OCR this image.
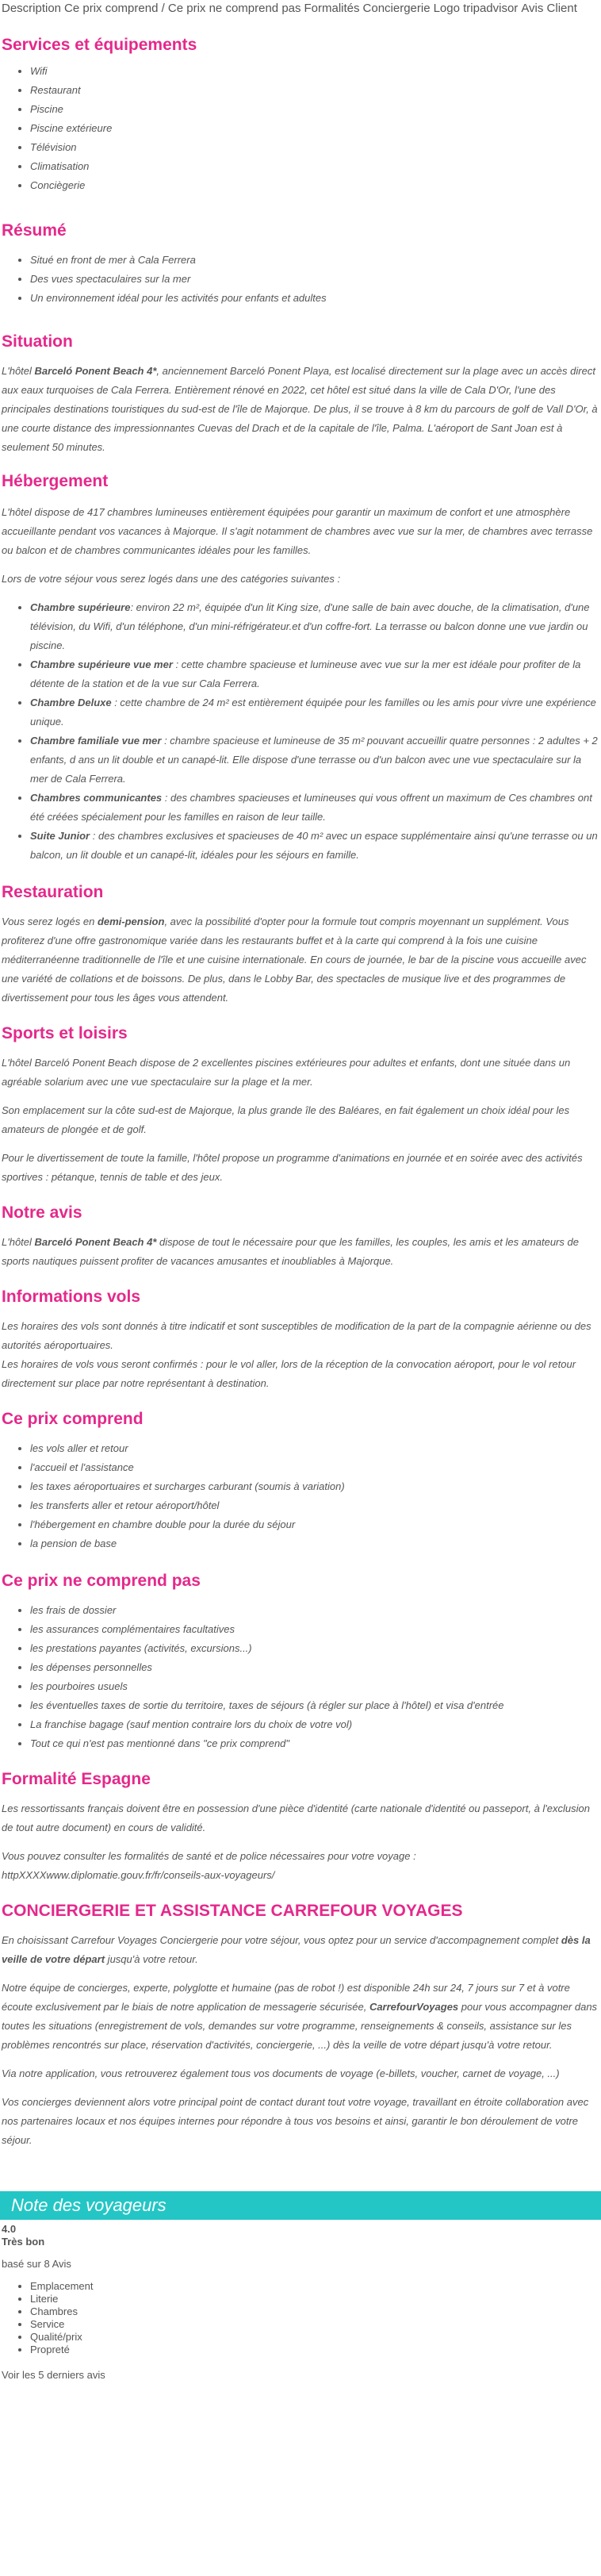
Description Ce prix comprend / Ce prix ne comprend pas Formalités Conciergerie Logo tripadvisor Avis Client
Services et équipements
• Wifi
• Restaurant
• Piscine
• Piscine extérieure
• Télévision
• Climatisation
• Conciègerie
Résumé
• Situé en front de mer à Cala Ferrera
• Des vues spectaculaires sur la mer
• Un environnement idéal pour les activités pour enfants et adultes
Situation

L'hôtel Barceló Ponent Beach 4*, anciennement Barceló Ponent Playa, est localisé directement sur la plage avec un accès direct aux eaux turquoises de Cala Ferrera. Entièrement rénové en 2022, cet hôtel est situé dans la ville de Cala D'Or, l'une des principales destinations touristiques du sud-est de l'île de Majorque. De plus, il se trouve à 8 km du parcours de golf de Vall D'Or, à une courte distance des impressionnantes Cuevas del Drach et de la capitale de l'île, Palma. L'aéroport de Sant Joan est à seulement 50 minutes.

Hébergement

L'hôtel dispose de 417 chambres lumineuses entièrement équipées pour garantir un maximum de confort et une atmosphère accueillante pendant vos vacances à Majorque. Il s'agit notamment de chambres avec vue sur la mer, de chambres avec terrasse ou balcon et de chambres communicantes idéales pour les familles.

Lors de votre séjour vous serez logés dans une des catégories suivantes :

• Chambre supérieure: environ 22 m², équipée d'un lit King size, d'une salle de bain avec douche, de la climatisation, d'une télévision, du Wifi, d'un téléphone, d'un mini-réfrigérateur.et d'un coffre-fort. La terrasse ou balcon donne une vue jardin ou piscine.
• Chambre supérieure vue mer : cette chambre spacieuse et lumineuse avec vue sur la mer est idéale pour profiter de la détente de la station et de la vue sur Cala Ferrera.
• Chambre Deluxe : cette chambre de 24 m² est entièrement équipée pour les familles ou les amis pour vivre une expérience unique.
• Chambre familiale vue mer : chambre spacieuse et lumineuse de 35 m² pouvant accueillir quatre personnes : 2 adultes + 2 enfants, d ans un lit double et un canapé-lit. Elle dispose d'une terrasse ou d'un balcon avec une vue spectaculaire sur la mer de Cala Ferrera.
• Chambres communicantes : des chambres spacieuses et lumineuses qui vous offrent un maximum de Ces chambres ont été créées spécialement pour les familles en raison de leur taille.
• Suite Junior : des chambres exclusives et spacieuses de 40 m² avec un espace supplémentaire ainsi qu'une terrasse ou un balcon, un lit double et un canapé-lit, idéales pour les séjours en famille.
Restauration

Vous serez logés en demi-pension, avec la possibilité d'opter pour la formule tout compris moyennant un supplément. Vous profiterez d'une offre gastronomique variée dans les restaurants buffet et à la carte qui comprend à la fois une cuisine méditerranéenne traditionnelle de l'île et une cuisine internationale. En cours de journée, le bar de la piscine vous accueille avec une variété de collations et de boissons. De plus, dans le Lobby Bar, des spectacles de musique live et des programmes de divertissement pour tous les âges vous attendent.

Sports et loisirs

L'hôtel Barceló Ponent Beach dispose de 2 excellentes piscines extérieures pour adultes et enfants, dont une située dans un agréable solarium avec une vue spectaculaire sur la plage et la mer.

Son emplacement sur la côte sud-est de Majorque, la plus grande île des Baléares, en fait également un choix idéal pour les amateurs de plongée et de golf.

Pour le divertissement de toute la famille, l'hôtel propose un programme d'animations en journée et en soirée avec des activités sportives : pétanque, tennis de table et des jeux.

Notre avis

L'hôtel Barceló Ponent Beach 4* dispose de tout le nécessaire pour que les familles, les couples, les amis et les amateurs de sports nautiques puissent profiter de vacances amusantes et inoubliables à Majorque.

Informations vols

Les horaires des vols sont donnés à titre indicatif et sont susceptibles de modification de la part de la compagnie aérienne ou des autorités aéroportuaires.

Les horaires de vols vous seront confirmés : pour le vol aller, lors de la réception de la convocation aéroport, pour le vol retour directement sur place par notre représentant à destination.

Ce prix comprend
• les vols aller et retour
• l'accueil et l'assistance
• les taxes aéroportuaires et surcharges carburant (soumis à variation)
• les transferts aller et retour aéroport/hôtel
• l'hébergement en chambre double pour la durée du séjour
• la pension de base
Ce prix ne comprend pas
• les frais de dossier
• les assurances complémentaires facultatives
• les prestations payantes (activités, excursions...)
• les dépenses personnelles
• les pourboires usuels
• les éventuelles taxes de sortie du territoire, taxes de séjours (à régler sur place à l'hôtel) et visa d'entrée
• La franchise bagage (sauf mention contraire lors du choix de votre vol)
• Tout ce qui n'est pas mentionné dans "ce prix comprend"
Formalité Espagne

Les ressortissants français doivent être en possession d'une pièce d'identité (carte nationale d'identité ou passeport, à l'exclusion de tout autre document) en cours de validité.

Vous pouvez consulter les formalités de santé et de police nécessaires pour votre voyage : httpXXXXwww.diplomatie.gouv.fr/fr/conseils-aux-voyageurs/

CONCIERGERIE ET ASSISTANCE CARREFOUR VOYAGES

En choisissant Carrefour Voyages Conciergerie pour votre séjour, vous optez pour un service d'accompagnement complet dès la veille de votre départ jusqu'à votre retour.

Notre équipe de concierges, experte, polyglotte et humaine (pas de robot !) est disponible 24h sur 24, 7 jours sur 7 et à votre écoute exclusivement par le biais de notre application de messagerie sécurisée, CarrefourVoyages pour vous accompagner dans toutes les situations (enregistrement de vols, demandes sur votre programme, renseignements & conseils, assistance sur les problèmes rencontrés sur place, réservation d'activités, conciergerie, ...) dès la veille de votre départ jusqu'à votre retour.

Via notre application, vous retrouverez également tous vos documents de voyage (e-billets, voucher, carnet de voyage, ...)

Vos concierges deviennent alors votre principal point de contact durant tout votre voyage, travaillant en étroite collaboration avec nos partenaires locaux et nos équipes internes pour répondre à tous vos besoins et ainsi, garantir le bon déroulement de votre séjour.

Note des voyageurs

4.0

Très bon

basé sur 8 Avis

• Emplacement
• Literie
• Chambres
• Service
• Qualité/prix
• Propreté

Voir les 5 derniers avis
